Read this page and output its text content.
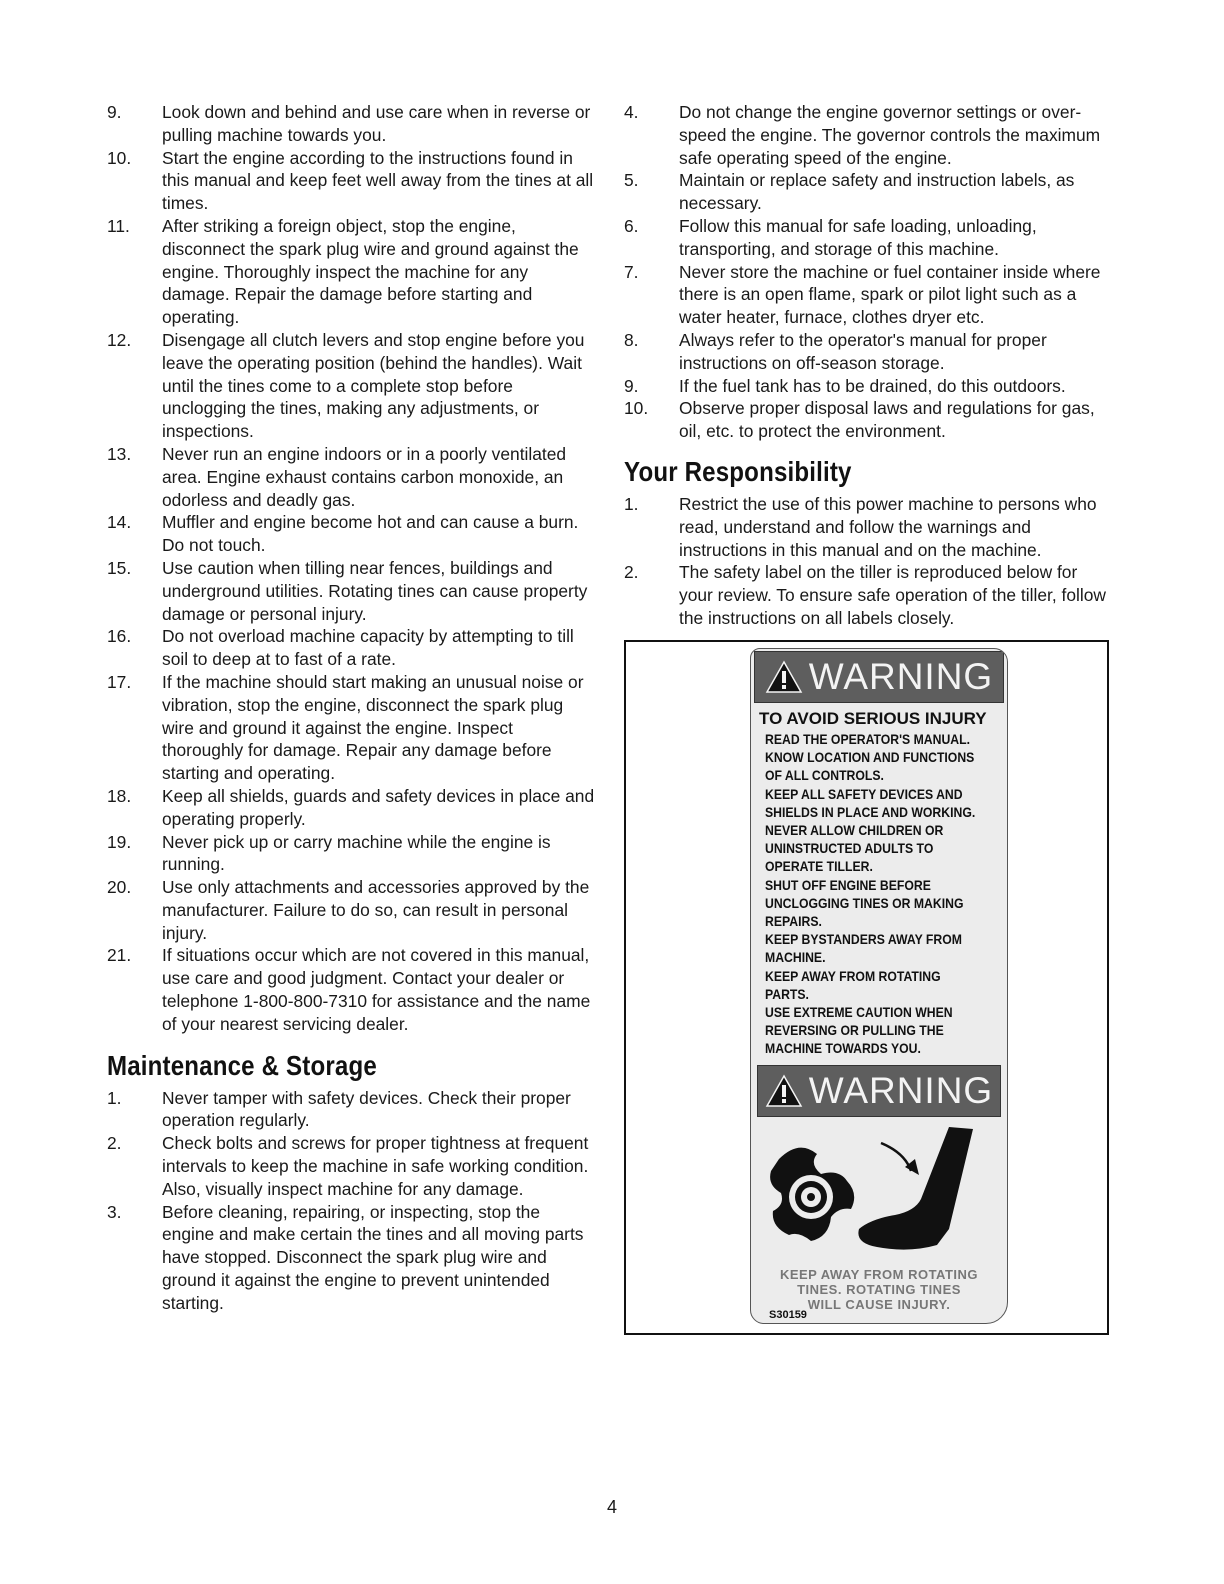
9.	Look down and behind and use care when in reverse or pulling machine towards you.
10.	Start the engine according to the instructions found in this manual and keep feet well away from the tines at all times.
11.	After striking a foreign object, stop the engine, disconnect the spark plug wire and ground against the engine. Thoroughly inspect the machine for any damage. Repair the damage before starting and operating.
12.	Disengage all clutch levers and stop engine before you leave the operating position (behind the handles). Wait until the tines come to a complete stop before unclogging the tines, making any adjustments, or inspections.
13.	Never run an engine indoors or in a poorly ventilated area. Engine exhaust contains carbon monoxide, an odorless and deadly gas.
14.	Muffler and engine become hot and can cause a burn. Do not touch.
15.	Use caution when tilling near fences, buildings and underground utilities. Rotating tines can cause property damage or personal injury.
16.	Do not overload machine capacity by attempting to till soil to deep at to fast of a rate.
17.	If the machine should start making an unusual noise or vibration, stop the engine, disconnect the spark plug wire and ground it against the engine. Inspect thoroughly for damage. Repair any damage before starting and operating.
18.	Keep all shields, guards and safety devices in place and operating properly.
19.	Never pick up or carry machine while the engine is running.
20.	Use only attachments and accessories approved by the manufacturer. Failure to do so, can result in personal injury.
21.	If situations occur which are not covered in this manual, use care and good judgment. Contact your dealer or telephone 1-800-800-7310 for assistance and the name of your nearest servicing dealer.
Maintenance & Storage
1.	Never tamper with safety devices. Check their proper operation regularly.
2.	Check bolts and screws for proper tightness at frequent intervals to keep the machine in safe working condition. Also, visually inspect machine for any damage.
3.	Before cleaning, repairing, or inspecting, stop the engine and make certain the tines and all moving parts have stopped. Disconnect the spark plug wire and ground it against the engine to prevent unintended starting.
4.	Do not change the engine governor settings or over-speed the engine. The governor controls the maximum safe operating speed of the engine.
5.	Maintain or replace safety and instruction labels, as necessary.
6.	Follow this manual for safe loading, unloading, transporting, and storage of this machine.
7.	Never store the machine or fuel container inside where there is an open flame, spark or pilot light such as a water heater, furnace, clothes dryer etc.
8.	Always refer to the operator's manual for proper instructions on off-season storage.
9.	If the fuel tank has to be drained, do this outdoors.
10.	Observe proper disposal laws and regulations for gas, oil, etc. to protect the environment.
Your Responsibility
1.	Restrict the use of this power machine to persons who read, understand and follow the warnings and instructions in this manual and on the machine.
2.	The safety label on the tiller is reproduced below for your review. To ensure safe operation of the tiller, follow the instructions on all labels closely.
WARNING
TO AVOID SERIOUS INJURY
READ THE OPERATOR'S MANUAL.
KNOW LOCATION AND FUNCTIONS
OF ALL CONTROLS.
KEEP ALL SAFETY DEVICES AND
SHIELDS IN PLACE AND WORKING.
NEVER ALLOW CHILDREN OR
UNINSTRUCTED ADULTS TO
OPERATE TILLER.
SHUT OFF ENGINE BEFORE
UNCLOGGING TINES OR MAKING
REPAIRS.
KEEP BYSTANDERS AWAY FROM
MACHINE.
KEEP AWAY FROM ROTATING
PARTS.
USE EXTREME CAUTION WHEN
REVERSING OR PULLING THE
MACHINE TOWARDS YOU.
WARNING
KEEP AWAY FROM ROTATING
TINES. ROTATING TINES
WILL CAUSE INJURY.
S30159
4
